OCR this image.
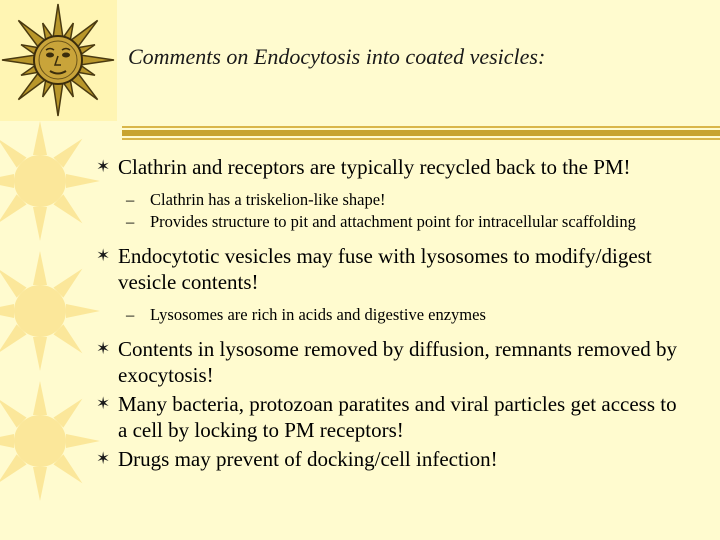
Comments on Endocytosis into coated vesicles:
✶ Clathrin and receptors are typically recycled back to the PM!
– Clathrin has a triskelion-like shape!
– Provides structure to pit and attachment point for intracellular scaffolding
✶ Endocytotic vesicles may fuse with lysosomes to modify/digest vesicle contents!
– Lysosomes are rich in acids and digestive enzymes
✶ Contents in lysosome removed by diffusion, remnants removed by exocytosis!
✶ Many bacteria, protozoan paratites and viral particles get access to a cell by locking to PM receptors!
✶ Drugs may prevent of docking/cell infection!
